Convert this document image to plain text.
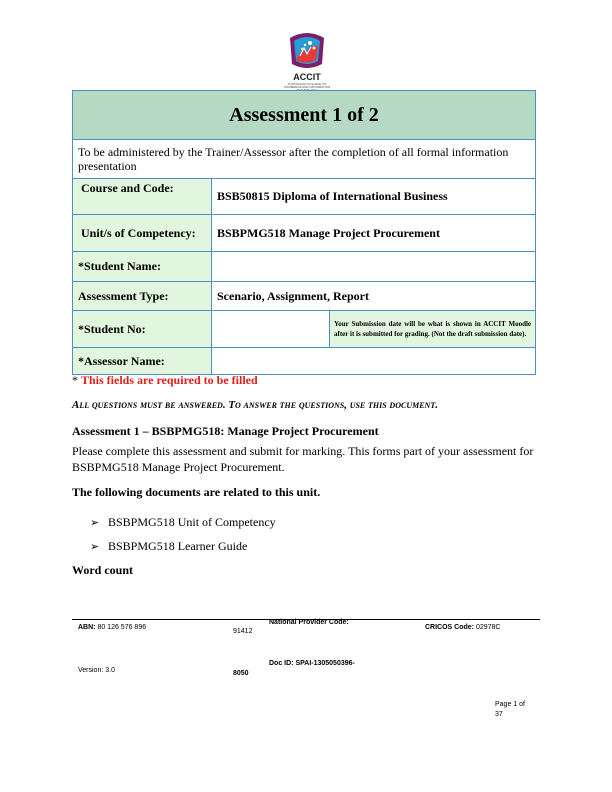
ACCIT
AUSTRALIAN COLLEGE OF COMMERCE AND INFORMATION
Assessment 1 of 2		
To be administered by the Trainer/Assessor after the completion of all formal information presentation		
Course and Code:	BSB50815 Diploma of International Business	
Unit/s of Competency:	BSBPMG518 Manage Project Procurement	
*Student Name:		
Assessment Type:	Scenario, Assignment, Report	
*Student No:		Your Submission date will be what is shown in ACCIT Moodle after it is submitted for grading. (Not the draft submission date).
*Assessor Name:		
* This fields are required to be filled
All questions must be answered. To answer the questions, use this document.
Assessment 1 – BSBPMG518: Manage Project Procurement
Please complete this assessment and submit for marking. This forms part of your assessment for BSBPMG518 Manage Project Procurement.
The following documents are related to this unit.
➢ BSBPMG518 Unit of Competency
➢ BSBPMG518 Learner Guide
Word count
ABN: 80 126 576 896
National Provider Code:
91412
CRICOS Code: 02978C
Version: 3.0
Doc ID: SPAI-1305050396-
8050
Page 1 of
37
